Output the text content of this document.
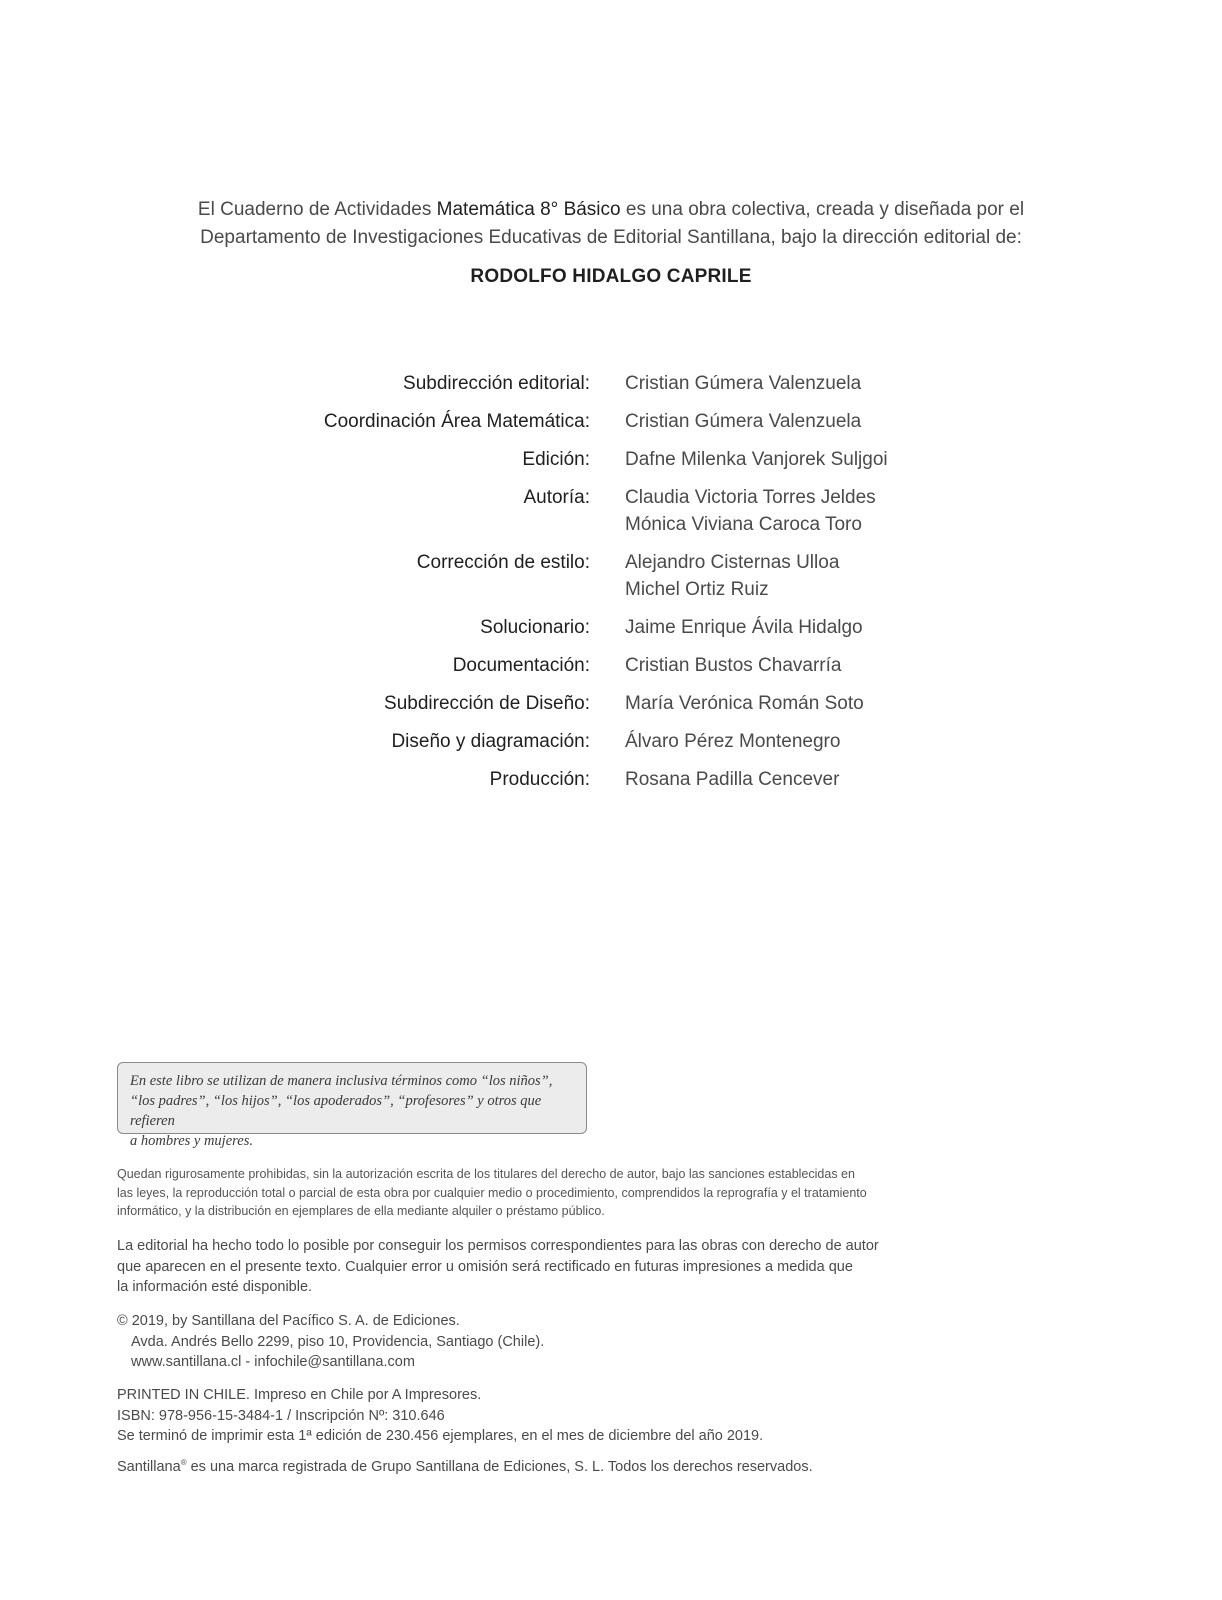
El Cuaderno de Actividades Matemática 8° Básico es una obra colectiva, creada y diseñada por el
Departamento de Investigaciones Educativas de Editorial Santillana, bajo la dirección editorial de:
RODOLFO HIDALGO CAPRILE
Subdirección editorial: Cristian Gúmera Valenzuela
Coordinación Área Matemática: Cristian Gúmera Valenzuela
Edición: Dafne Milenka Vanjorek Suljgoi
Autoría: Claudia Victoria Torres Jeldes
Mónica Viviana Caroca Toro
Corrección de estilo: Alejandro Cisternas Ulloa
Michel Ortiz Ruiz
Solucionario: Jaime Enrique Ávila Hidalgo
Documentación: Cristian Bustos Chavarría
Subdirección de Diseño: María Verónica Román Soto
Diseño y diagramación: Álvaro Pérez Montenegro
Producción: Rosana Padilla Cencever
En este libro se utilizan de manera inclusiva términos como “los niños”,
“los padres”, “los hijos”, “los apoderados”, “profesores” y otros que refieren
a hombres y mujeres.
Quedan rigurosamente prohibidas, sin la autorización escrita de los titulares del derecho de autor, bajo las sanciones establecidas en
las leyes, la reproducción total o parcial de esta obra por cualquier medio o procedimiento, comprendidos la reprografía y el tratamiento
informático, y la distribución en ejemplares de ella mediante alquiler o préstamo público.
La editorial ha hecho todo lo posible por conseguir los permisos correspondientes para las obras con derecho de autor
que aparecen en el presente texto. Cualquier error u omisión será rectificado en futuras impresiones a medida que
la información esté disponible.
© 2019, by Santillana del Pacífico S. A. de Ediciones.
Avda. Andrés Bello 2299, piso 10, Providencia, Santiago (Chile).
www.santillana.cl - infochile@santillana.com
PRINTED IN CHILE. Impreso en Chile por A Impresores.
ISBN: 978-956-15-3484-1 / Inscripción Nº: 310.646
Se terminó de imprimir esta 1ª edición de 230.456 ejemplares, en el mes de diciembre del año 2019.
Santillana® es una marca registrada de Grupo Santillana de Ediciones, S. L. Todos los derechos reservados.
